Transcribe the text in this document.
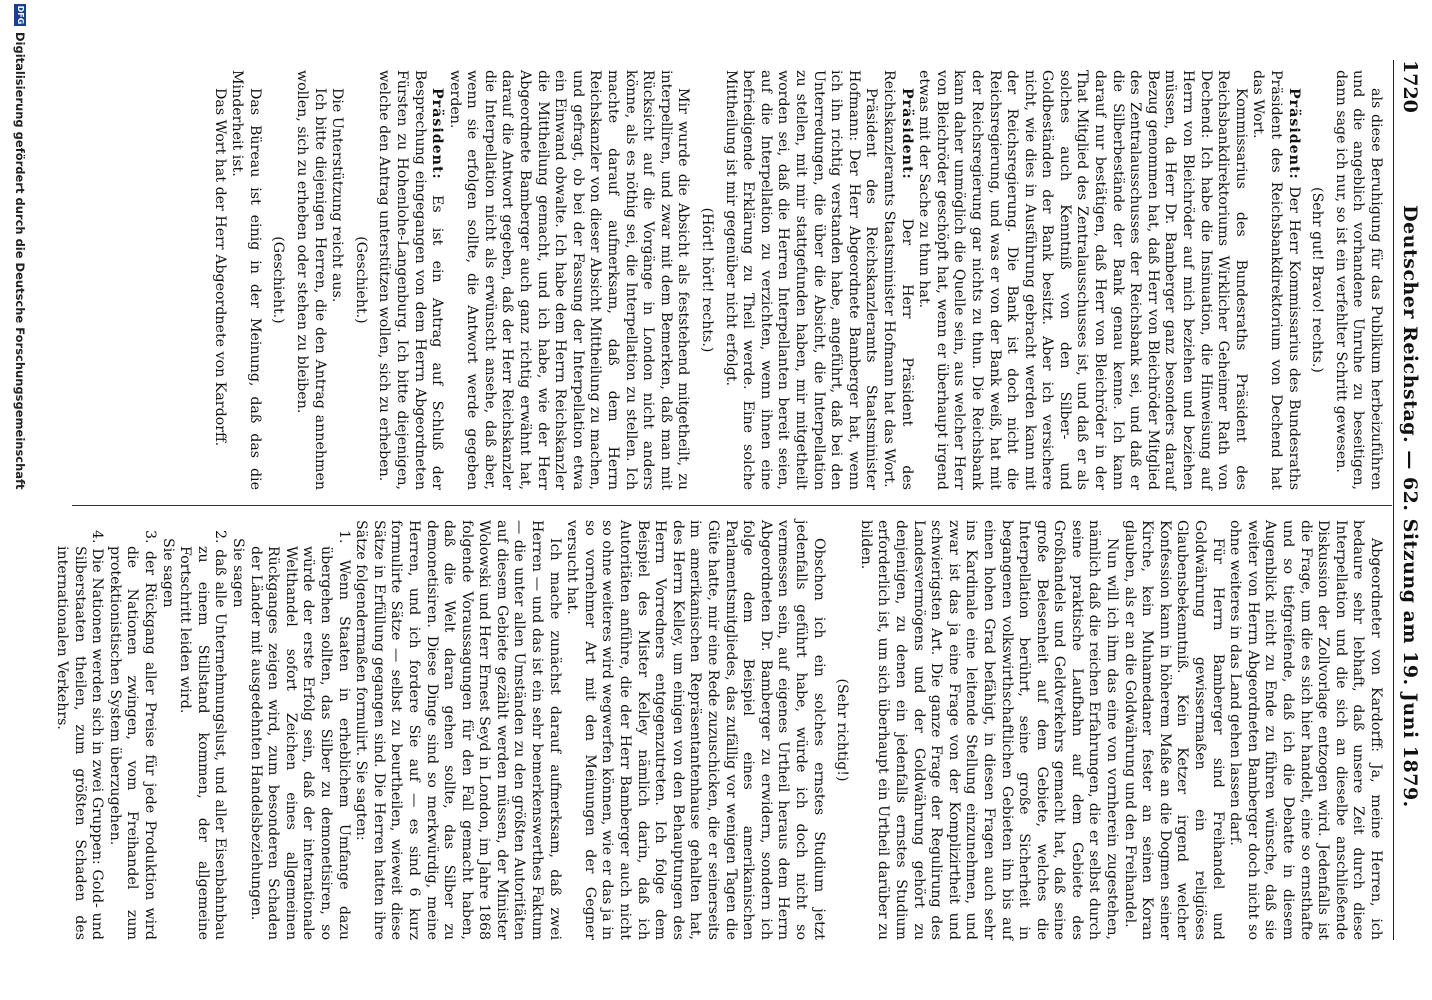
1720
Deutscher Reichstag. — 62. Sitzung am 19. Juni 1879.

als diese Beruhigung für das Publikum herbeizuführen und die angeblich vorhandene Unruhe zu beseitigen, dann sage ich nur, so ist ein verfehlter Schritt gewesen.

(Sehr gut! Bravo! rechts.)

Präsident: Der Herr Kommissarius des Bundesraths Präsident des Reichsbankdirektorium von Dechend hat das Wort.

Kommissarius des Bundesraths Präsident des Reichsbankdirektoriums Wirklicher Geheimer Rath von Dechend: Ich habe die Insinuation, die Hinweisung auf Herrn von Bleichröder auf mich beziehen und beziehen müssen, da Herr Dr. Bamberger ganz besonders darauf Bezug genommen hat, daß Herr von Bleichröder Mitglied des Zentralausschusses der Reichsbank sei, und daß er die Silberbestände der Bank genau kenne. Ich kann darauf nur bestätigen, daß Herr von Bleichröder in der That Mitglied des Zentralausschusses ist, und daß er als solches auch Kenntniß von den Silber- und Goldbeständen der Bank besitzt. Aber ich versichere nicht, wie dies in Ausführung gebracht werden kann mit der Reichsregierung. Die Bank ist doch nicht die Reichsregierung, und was er von der Bank weiß, hat mit der Reichsregierung gar nichts zu thun. Die Reichsbank kann daher unmöglich die Quelle sein, aus welcher Herr von Bleichröder geschöpft hat, wenn er überhaupt irgend etwas mit der Sache zu thun hat.

Präsident: Der Herr Präsident des Reichskanzleramts Staatsminister Hofmann hat das Wort.

Präsident des Reichskanzleramts Staatsminister Hofmann: Der Herr Abgeordnete Bamberger hat, wenn ich ihn richtig verstanden habe, angeführt, daß bei den Unterredungen, die über die Absicht, die Interpellation zu stellen, mit mir stattgefunden haben, mir mitgetheilt worden sei, daß die Herren Interpellanten bereit seien, auf die Interpellation zu verzichten, wenn ihnen eine befriedigende Erklärung zu Theil werde. Eine solche Mittheilung ist mir gegenüber nicht erfolgt.

(Hört! hört! rechts.)

Mir wurde die Absicht als feststehend mitgetheilt, zu interpelliren, und zwar mit dem Bemerken, daß man mit Rücksicht auf die Vorgänge in London nicht anders könne, als es nöthig sei, die Interpellation zu stellen. Ich machte darauf aufmerksam, daß dem Herrn Reichskanzler von dieser Absicht Mittheilung zu machen, und gefragt, ob bei der Fassung der Interpellation etwa ein Einwand obwalte. Ich habe dem Herrn Reichskanzler die Mittheilung gemacht, und ich habe, wie der Herr Abgeordnete Bamberger auch ganz richtig erwähnt hat, darauf die Antwort gegeben, daß der Herr Reichskanzler die Interpellation nicht als erwünscht ansehe, daß aber, wenn sie erfolgen sollte, die Antwort werde gegeben werden.

Präsident: Es ist ein Antrag auf Schluß der Besprechung eingegangen von dem Herrn Abgeordneten Fürsten zu Hohenlohe-Langenburg. Ich bitte diejenigen, welche den Antrag unterstützen wollen, sich zu erheben.

(Geschieht.)

Die Unterstützung reicht aus.

Ich bitte diejenigen Herren, die den Antrag annehmen wollen, sich zu erheben oder stehen zu bleiben.

(Geschieht.)

Das Büreau ist einig in der Meinung, daß das die Minderheit ist.

Das Wort hat der Herr Abgeordnete von Kardorff.

Abgeordneter von Kardorff: Ja, meine Herren, ich bedaure sehr lebhaft, daß unsere Zeit durch diese Interpellation und die sich an dieselbe anschließende Diskussion der Zollvorlage entzogen wird. Jedenfalls ist die Frage, um die es sich hier handelt, eine so ernsthafte und so tiefgreifende, daß ich die Debatte in diesem Augenblick nicht zu Ende zu führen wünsche, daß sie weiter von Herrn Abgeordneten Bamberger doch nicht so ohne weiteres in das Land gehen lassen darf.

Für Herrn Bamberger sind Freihandel und Goldwährung gewissermaßen ein religiöses Glaubensbekenntniß. Kein Ketzer irgend welcher Konfession kann in höherem Maße an die Dogmen seiner Kirche, kein Muhamedaner fester an seinen Koran glauben, als er an die Goldwährung und den Freihandel.

Nun will ich ihm das eine von vornherein zugestehen, nämlich daß die reichen Erfahrungen, die er selbst durch seine praktische Laufbahn auf dem Gebiete des Großhandels und Geldverkehrs gemacht hat, daß seine große Belesenheit auf dem Gebiete, welches die Interpellation berührt, seine große Sicherheit in begangenen volkswirthschaftlichen Gebieten ihn bis auf einen hohen Grad befähigt, in diesen Fragen auch sehr ins Kardinale eine leitende Stellung einzunehmen, und zwar ist das ja eine Frage von der Komplizirtheit und schwierigsten Art. Die ganze Frage der Regulirung des Landesvermögens und der Goldwährung gehört zu denjenigen, zu denen ein jedenfalls ernstes Studium erforderlich ist, um sich überhaupt ein Urtheil darüber zu bilden.

(Sehr richtig!)

Obschon ich ein solches ernstes Studium jetzt jedenfalls geführt habe, würde ich doch nicht so vermessen sein, auf eigenes Urtheil heraus dem Herrn Abgeordneten Dr. Bamberger zu erwidern, sondern ich folge dem Beispiel eines amerikanischen Parlamentsmitgliedes, das zufällig vor wenigen Tagen die Güte hatte, mir eine Rede zuzuschicken, die er seinerseits im amerikanischen Repräsentantenhause gehalten hat, des Herrn Kelley, um einigen von den Behauptungen des Herrn Vorredners entgegenzutreten. Ich folge dem Beispiel des Mister Kelley nämlich darin, daß ich Autoritäten anführe, die der Herr Bamberger auch nicht so ohne weiteres wird wegwerfen können, wie er das ja in so vornehmer Art mit den Meinungen der Gegner versucht hat.

Ich mache zunächst darauf aufmerksam, daß zwei Herren — und das ist ein sehr bemerkenswerthes Faktum — die unter allen Umständen zu den größten Autoritäten auf diesem Gebiete gezählt werden müssen, der Minister Wolowski und Herr Ernest Seyd in London, im Jahre 1868 folgende Voraussagungen für den Fall gemacht haben, daß die Welt daran gehen sollte, das Silber zu demonetisiren. Diese Dinge sind so merkwürdig, meine Herren, und ich fordere Sie auf — es sind 6 kurz formulirte Sätze — selbst zu beurtheilen, wieweit diese Sätze in Erfüllung gegangen sind. Die Herren hatten ihre Sätze folgendermaßen formulirt. Sie sagten:

1. Wenn Staaten in erheblichem Umfange dazu übergehen sollten, das Silber zu demonetisiren, so würde der erste Erfolg sein, daß der internationale Welthandel sofort Zeichen eines allgemeinen Rückganges zeigen wird, zum besonderen Schaden der Länder mit ausgedehnten Handelsbeziehungen.

Sie sagen

2. daß alle Unternehmungslust, und aller Eisenbahnbau zu einem Stillstand kommen, der allgemeine Fortschritt leiden wird.

Sie sagen

3. der Rückgang aller Preise für jede Produktion wird die Nationen zwingen, vom Freihandel zum protektionistischen System überzugehen.

4. Die Nationen werden sich in zwei Gruppen: Gold- und Silberstaaten theilen, zum größten Schaden des internationalen Verkehrs.

DFG
Digitalisierung gefördert durch die Deutsche Forschungsgemeinschaft
